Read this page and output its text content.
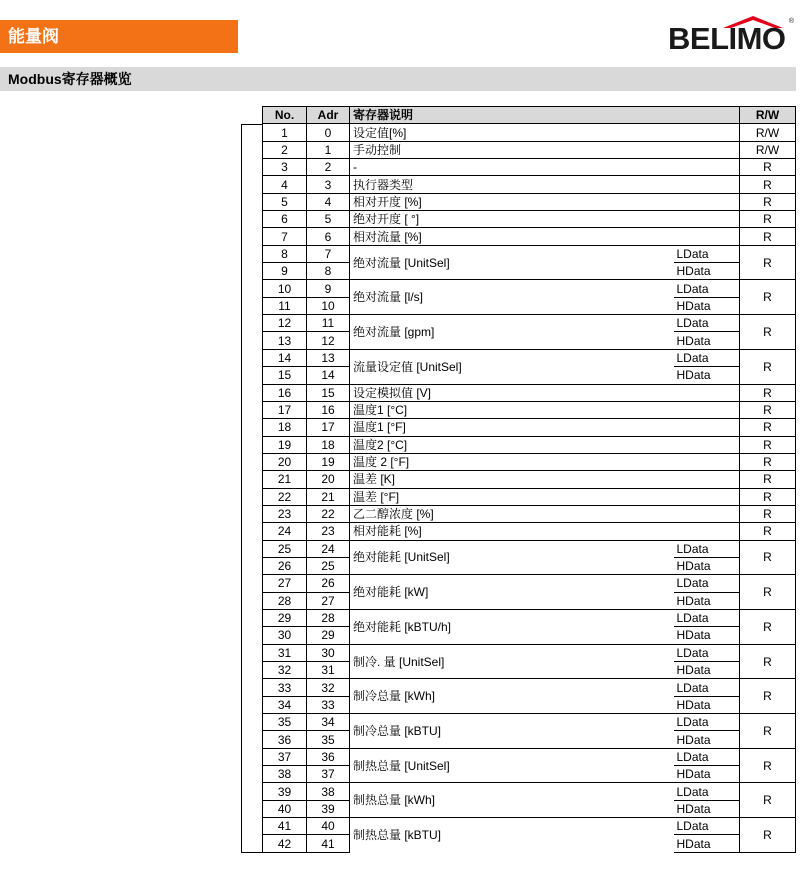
能量阀	BELIMO ®
Modbus寄存器概览
No.	Adr	寄存器说明		R/W
1	0	设定值[%]		R/W
2	1	手动控制		R/W
3	2	-		R
4	3	执行器类型		R
5	4	相对开度 [%]		R
6	5	绝对开度 [ °]		R
7	6	相对流量 [%]		R
8	7	绝对流量 [UnitSel]	LData	R
9	8		HData	
10	9	绝对流量 [l/s]	LData	R
11	10		HData	
12	11	绝对流量 [gpm]	LData	R
13	12		HData	
14	13	流量设定值 [UnitSel]	LData	R
15	14		HData	
16	15	设定模拟值 [V]		R
17	16	温度1 [°C]		R
18	17	温度1 [°F]		R
19	18	温度2 [°C]		R
20	19	温度 2 [°F]		R
21	20	温差 [K]		R
22	21	温差 [°F]		R
23	22	乙二醇浓度 [%]		R
24	23	相对能耗 [%]		R
25	24	绝对能耗 [UnitSel]	LData	R
26	25		HData	
27	26	绝对能耗 [kW]	LData	R
28	27		HData	
29	28	绝对能耗 [kBTU/h]	LData	R
30	29		HData	
31	30	制冷. 量 [UnitSel]	LData	R
32	31		HData	
33	32	制冷总量 [kWh]	LData	R
34	33		HData	
35	34	制冷总量 [kBTU]	LData	R
36	35		HData	
37	36	制热总量 [UnitSel]	LData	R
38	37		HData	
39	38	制热总量 [kWh]	LData	R
40	39		HData	
41	40	制热总量 [kBTU]	LData	R
42	41		HData	
